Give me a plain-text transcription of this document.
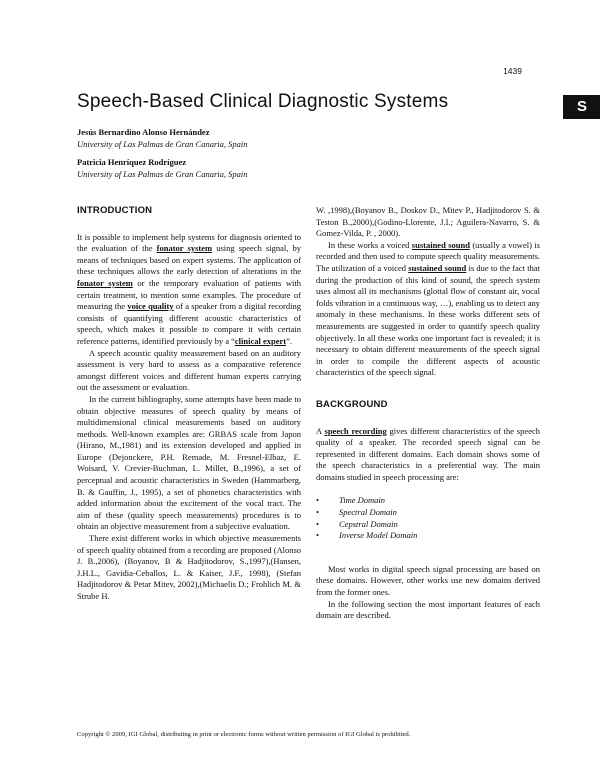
1439
Speech-Based Clinical Diagnostic Systems	S
Jesús Bernardino Alonso Hernández
University of Las Palmas de Gran Canaria, Spain
Patricia Henríquez Rodríguez
University of Las Palmas de Gran Canaria, Spain
INTRODUCTION

It is possible to implement help systems for diagnosis oriented to the evaluation of the fonator system using speech signal, by means of techniques based on expert systems. The application of these techniques allows the early detection of alterations in the fonator system or the temporary evaluation of patients with certain treatment, to mention some examples. The procedure of measuring the voice quality of a speaker from a digital recording consists of quantifying different acoustic characteristics of speech, which makes it possible to compare it with certain reference patterns, identified previously by a “clinical expert”.

A speech acoustic quality measurement based on an auditory assessment is very hard to assess as a comparative reference amongst different voices and different human experts carrying out the assessment or evaluation.

In the current bibliography, some attempts have been made to obtain objective measures of speech quality by means of multidimensional clinical measurements based on auditory methods. Well-known examples are: GRBAS scale from Japon (Hirano, M.,1981) and its extension developed and applied in Europe (Dejonckere, P.H. Remade, M. Fresnel-Elbaz, E. Woisard, V. Crevier-Buchman, L. Millet, B.,1996), a set of perceptual and acoustic characteristics in Sweden (Hammarberg, B. & Gauffin, J., 1995), a set of phonetics characteristics with added information about the excitement of the vocal tract. The aim of these (quality speech measurements) procedures is to obtain an objective measurement from a subjective evaluation.

There exist different works in which objective measurements of speech quality obtained from a recording are proposed (Alonso J. B.,2006), (Boyanov, B & Hadjitodorov, S.,1997),(Hansen, J.H.L., Gavidia-Ceballos, L. & Kaiser, J.F., 1998), (Stefan Hadjitodorov & Petar Mitev, 2002),(Michaelis D.; Frohlich M. & Strube H.

W. ,1998),(Boyanov B., Doskov D., Mitev P., Hadjitodorov S. & Teston B.,2000),(Godino-Llorente, J.I.; Aguilera-Navarro, S. & Gomez-Vilda, P. , 2000).

In these works a voiced sustained sound (usually a vowel) is recorded and then used to compute speech quality measurements. The utilization of a voiced sustained sound is due to the fact that during the production of this kind of sound, the speech system uses almost all its mechanisms (glottal flow of constant air, vocal folds vibration in a continuous way, …), enabling us to detect any anomaly in these mechanisms. In these works different sets of measurements are suggested in order to quantify speech quality objectively. In all these works one important fact is revealed; it is necessary to obtain different measurements of the speech signal in order to compile the different aspects of acoustic characteristics of the speech signal.

BACKGROUND

A speech recording gives different characteristics of the speech quality of a speaker. The recorded speech signal can be represented in different domains. Each domain shows some of the speech characteristics in a preferential way. The main domains studied in speech processing are:

• Time Domain
• Spectral Domain
• Cepstral Domain
• Inverse Model Domain

Most works in digital speech signal processing are based on these domains. However, other works use new domains derived from the former ones.

In the following section the most important features of each domain are described.

Copyright © 2009, IGI Global, distributing in print or electronic forms without written permission of IGI Global is prohibited.
